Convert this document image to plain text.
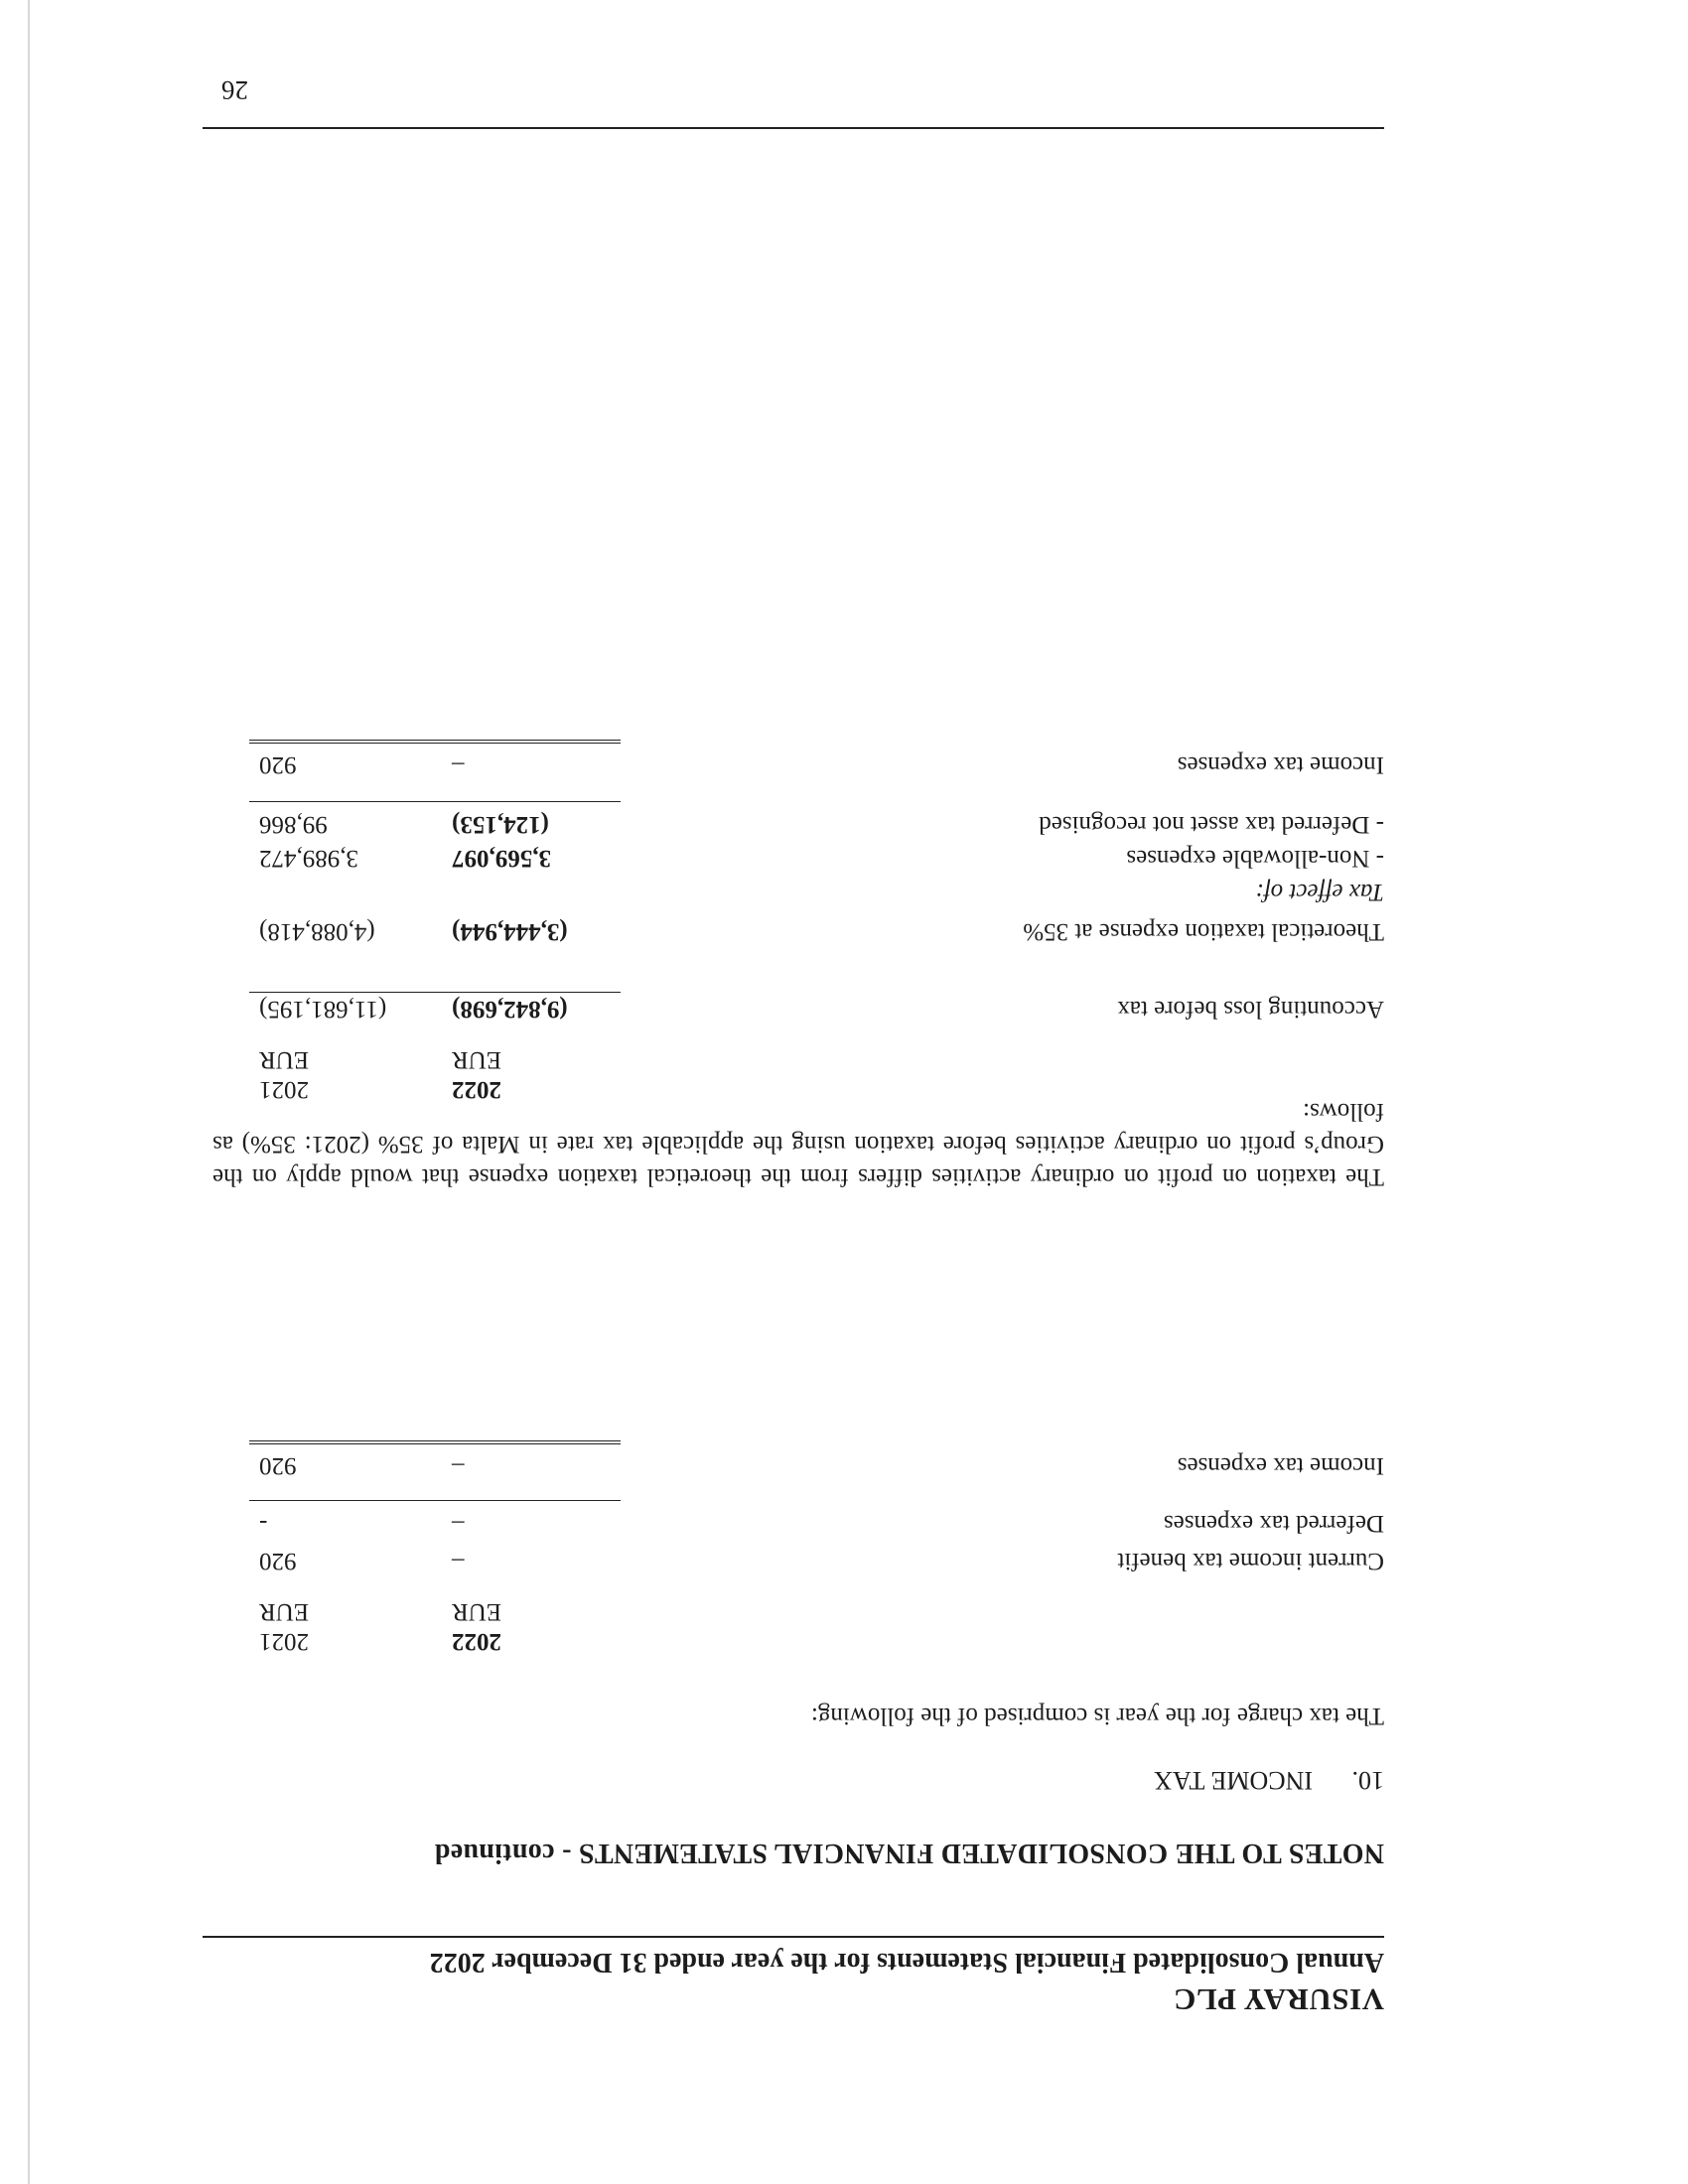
VISURAY PLC
Annual Consolidated Financial Statements for the year ended 31 December 2022
NOTES TO THE CONSOLIDATED FINANCIAL STATEMENTS - continued
10.INCOME TAX
The tax charge for the year is comprised of the following:
2022
EUR
2021
EUR
Current income tax benefit
–
920
Deferred tax expenses
–
-
Income tax expenses
–
920
The taxation on profit on ordinary activities differs from the theoretical taxation expense that would apply on the Group’s profit on ordinary activities before taxation using the applicable tax rate in Malta of 35% (2021: 35%) as follows:
2022
EUR
2021
EUR
Accounting loss before tax
(9,842,698)
(11,681,195)
Theoretical taxation expense at 35%
(3,444,944)
(4,088,418)
Tax effect of:
- Non-allowable expenses
3,569,097
3,989,472
- Deferred tax asset not recognised
(124,153)
99,866
Income tax expenses
–
920
26
